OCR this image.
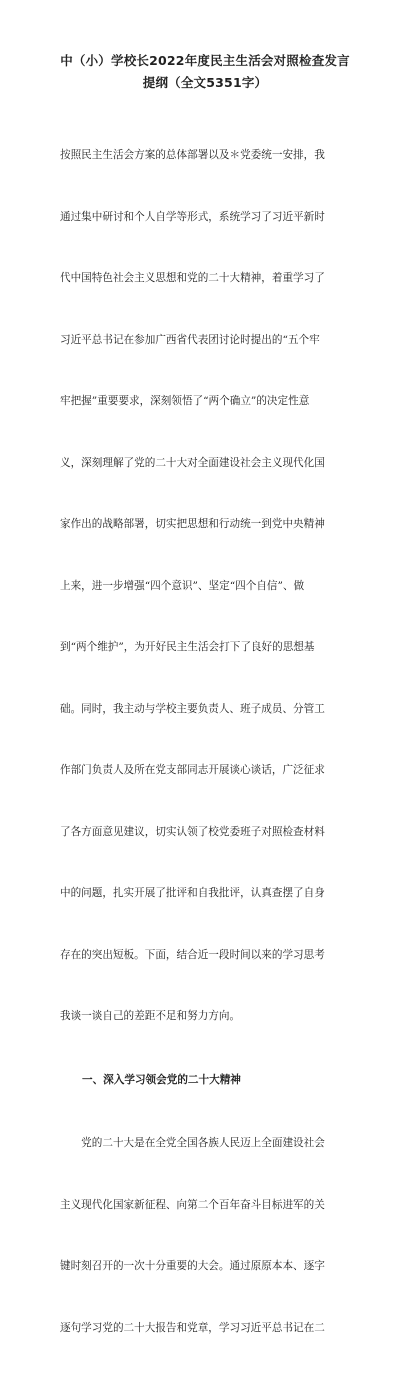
中（小）学校长2022年度民主生活会对照检查发言

提纲（全文5351字）

按照民主生活会方案的总体部署以及＊党委统一安排，我

通过集中研讨和个人自学等形式，系统学习了习近平新时

代中国特色社会主义思想和党的二十大精神，着重学习了

习近平总书记在参加广西省代表团讨论时提出的“五个牢

牢把握”重要要求，深刻领悟了“两个确立”的决定性意

义，深刻理解了党的二十大对全面建设社会主义现代化国

家作出的战略部署，切实把思想和行动统一到党中央精神

上来，进一步增强“四个意识”、坚定“四个自信”、做

到“两个维护”，为开好民主生活会打下了良好的思想基

础。同时，我主动与学校主要负责人、班子成员、分管工

作部门负责人及所在党支部同志开展谈心谈话，广泛征求

了各方面意见建议，切实认领了校党委班子对照检查材料

中的问题，扎实开展了批评和自我批评，认真查摆了自身

存在的突出短板。下面，结合近一段时间以来的学习思考

我谈一谈自己的差距不足和努力方向。

一、深入学习领会党的二十大精神

　　党的二十大是在全党全国各族人民迈上全面建设社会

主义现代化国家新征程、向第二个百年奋斗目标进军的关

键时刻召开的一次十分重要的大会。通过原原本本、逐字

逐句学习党的二十大报告和党章，学习习近平总书记在二
